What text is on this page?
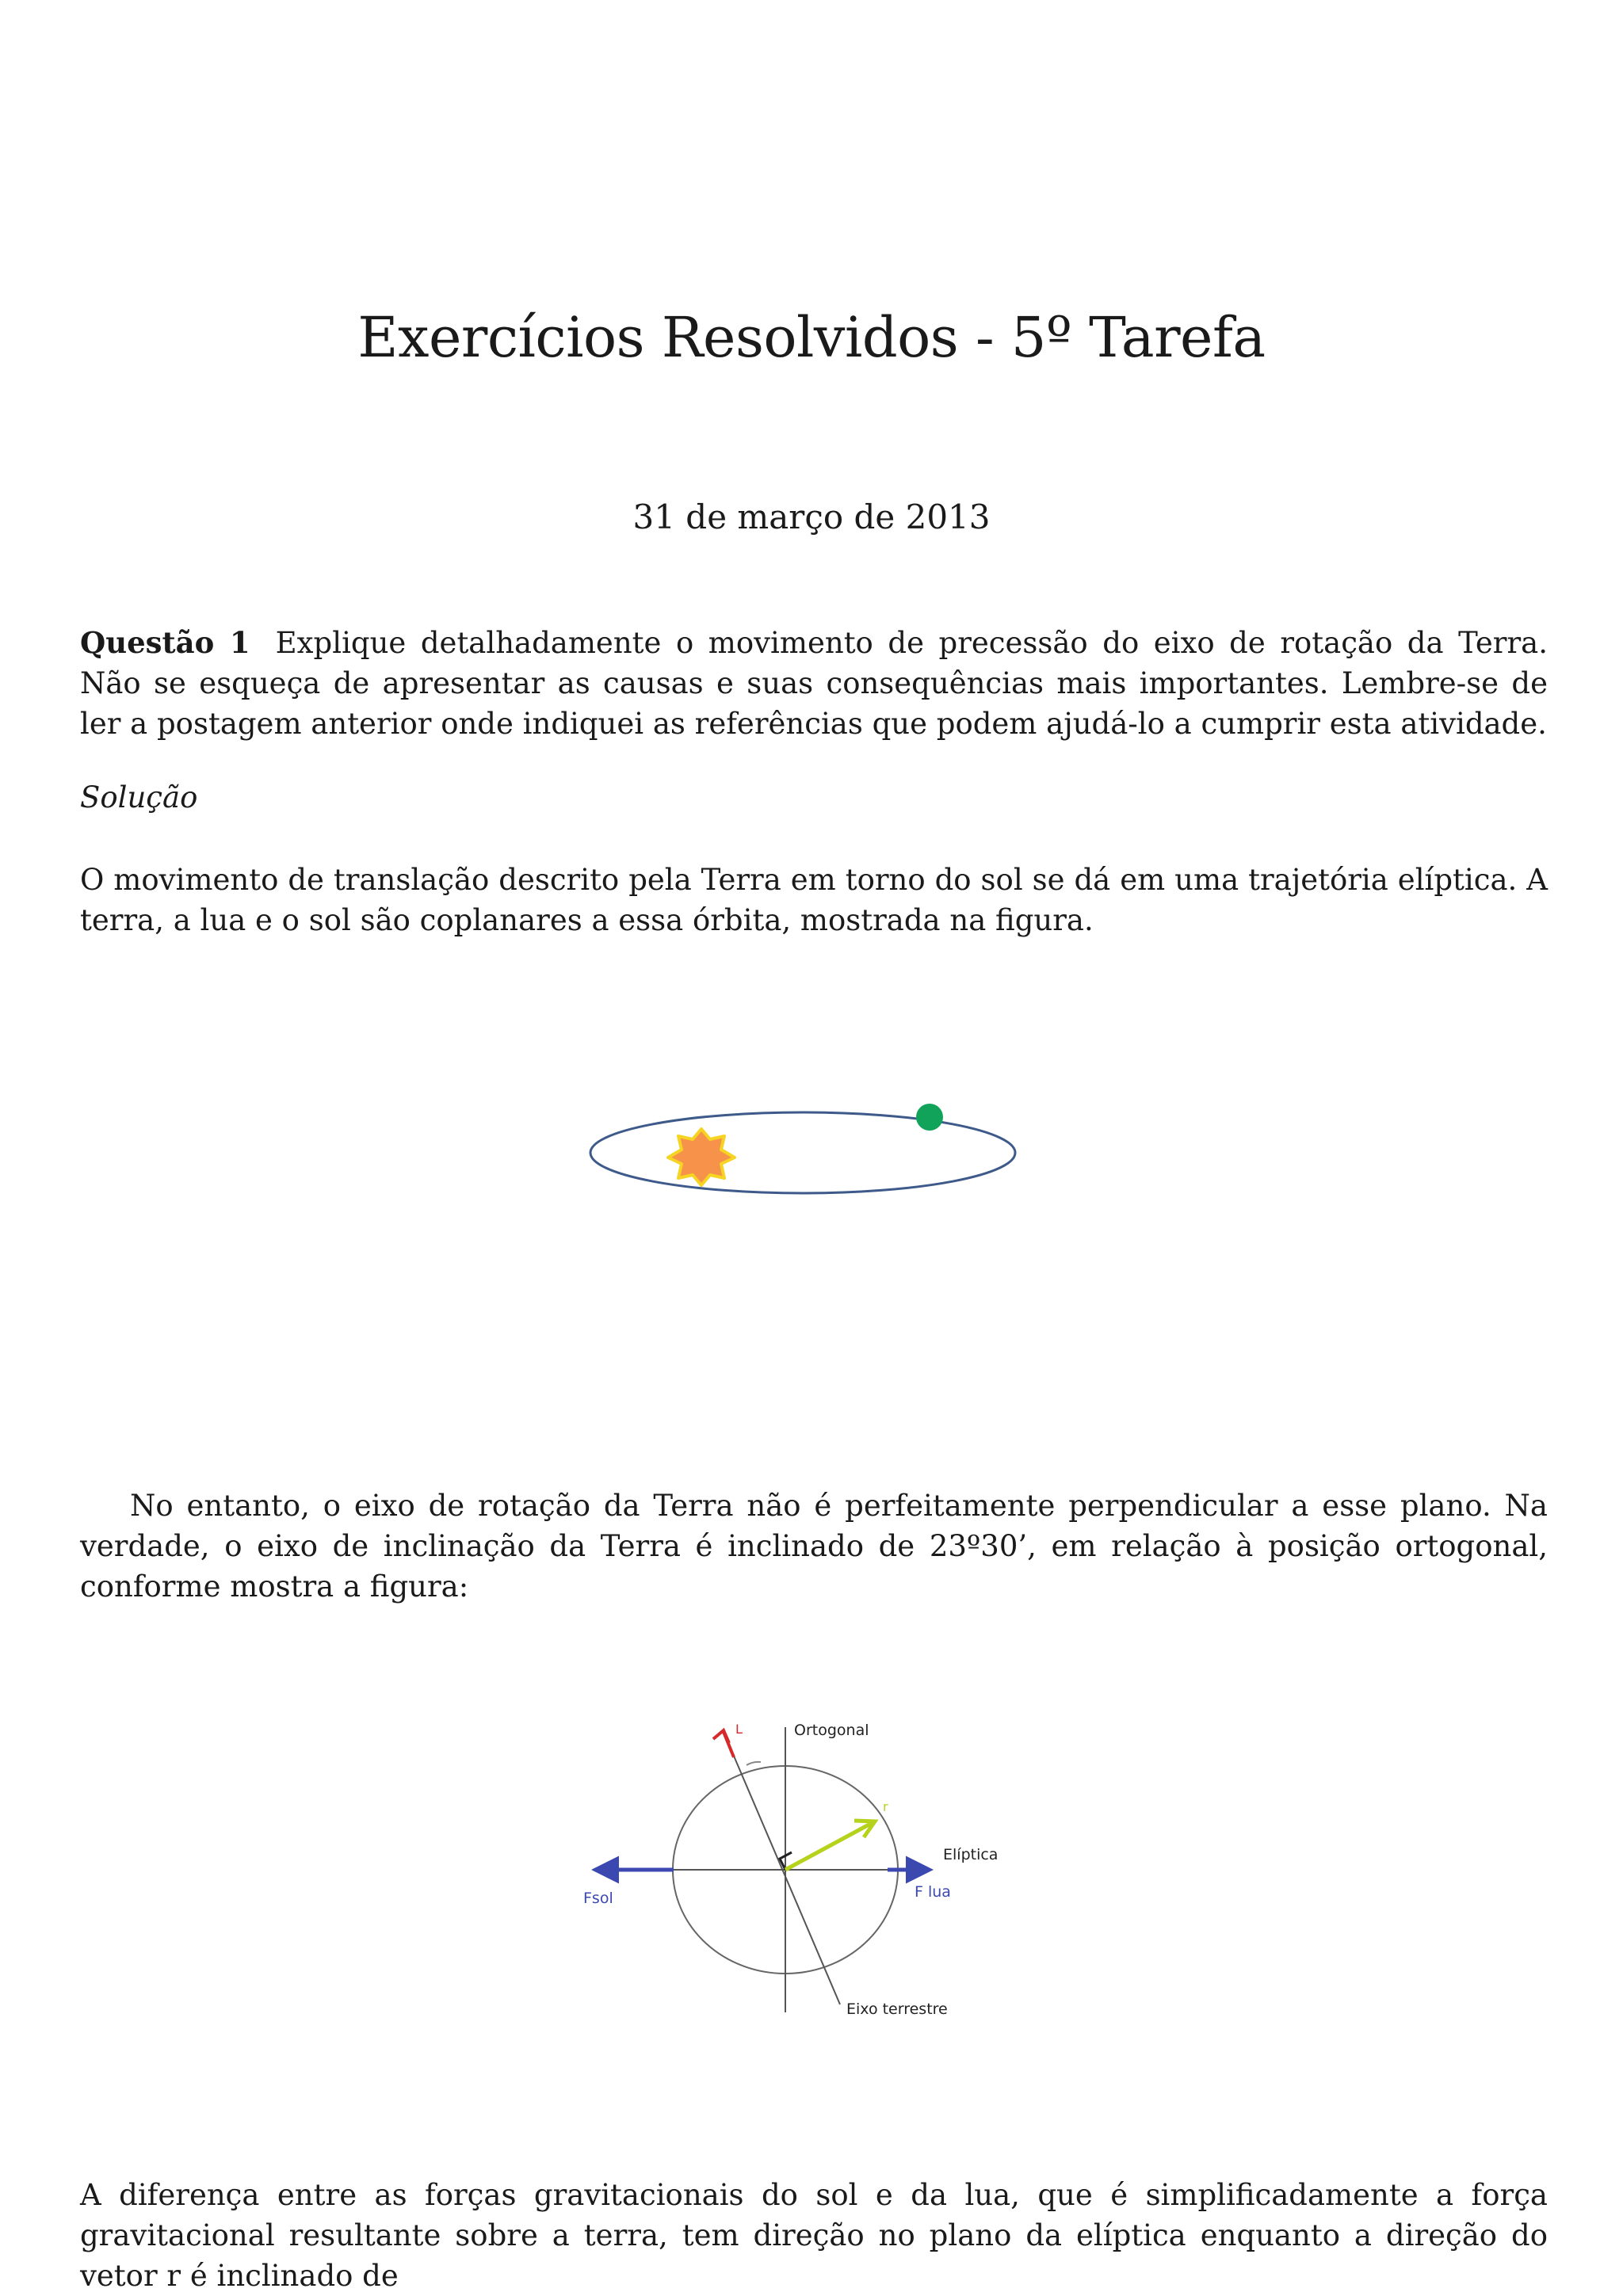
Exercícios Resolvidos - 5º Tarefa
31 de março de 2013

Questão 1 Explique detalhadamente o movimento de precessão do eixo de rotação da Terra. Não se esqueça de apresentar as causas e suas consequências mais importantes. Lembre-se de ler a postagem anterior onde indiquei as referências que podem ajudá-lo a cumprir esta atividade.

Solução

O movimento de translação descrito pela Terra em torno do sol se dá em uma trajetória elíptica. A terra, a lua e o sol são coplanares a essa órbita, mostrada na figura.

No entanto, o eixo de rotação da Terra não é perfeitamente perpendicular a esse plano. Na verdade, o eixo de inclinação da Terra é inclinado de 23º30’, em relação à posição ortogonal, conforme mostra a figura:

L
r
Ortogonal
Elíptica
Fsol	F lua
Eixo terrestre

A diferença entre as forças gravitacionais do sol e da lua, que é simplificadamente a força gravitacional resultante sobre a terra, tem direção no plano da elíptica enquanto a direção do vetor r é inclinado de
